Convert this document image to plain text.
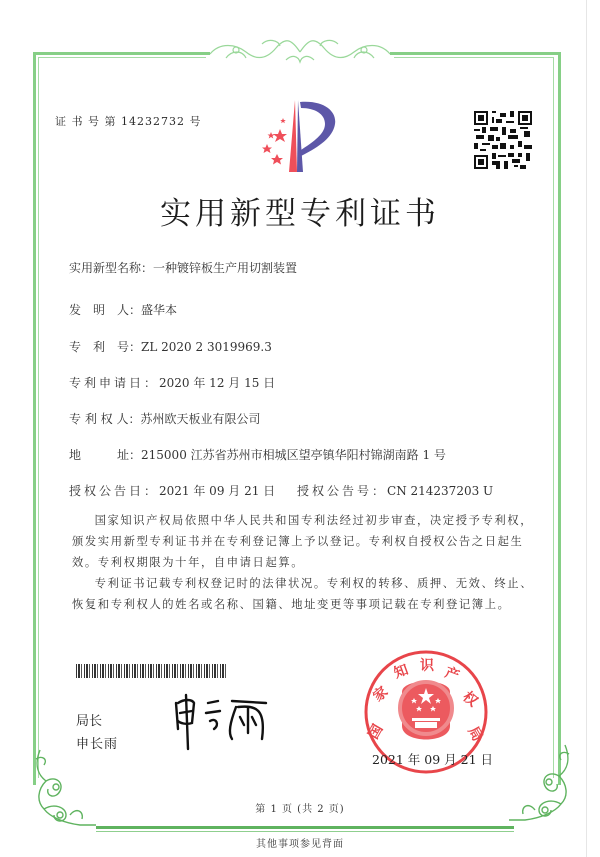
证 书 号 第 14232732 号
实用新型专利证书
实用新型名称：一种镀锌板生产用切割装置
发　明　人：盛华本
专　利　号：ZL 2020 2 3019969.3
专利申请日：2020 年 12 月 15 日
专 利 权 人：苏州欧天板业有限公司
地　　　址：215000 江苏省苏州市相城区望亭镇华阳村锦湖南路 1 号
授权公告日：2021 年 09 月 21 日 授权公告号：CN 214237203 U

国家知识产权局依照中华人民共和国专利法经过初步审查，决定授予专利权，颁发实用新型专利证书并在专利登记簿上予以登记。专利权自授权公告之日起生效。专利权期限为十年，自申请日起算。

专利证书记载专利权登记时的法律状况。专利权的转移、质押、无效、终止、恢复和专利权人的姓名或名称、国籍、地址变更等事项记载在专利登记簿上。

局长
申长雨
国
家
知 识 产
权
局
2021 年 09 月 21 日
第 1 页 (共 2 页)
其他事项参见背面
